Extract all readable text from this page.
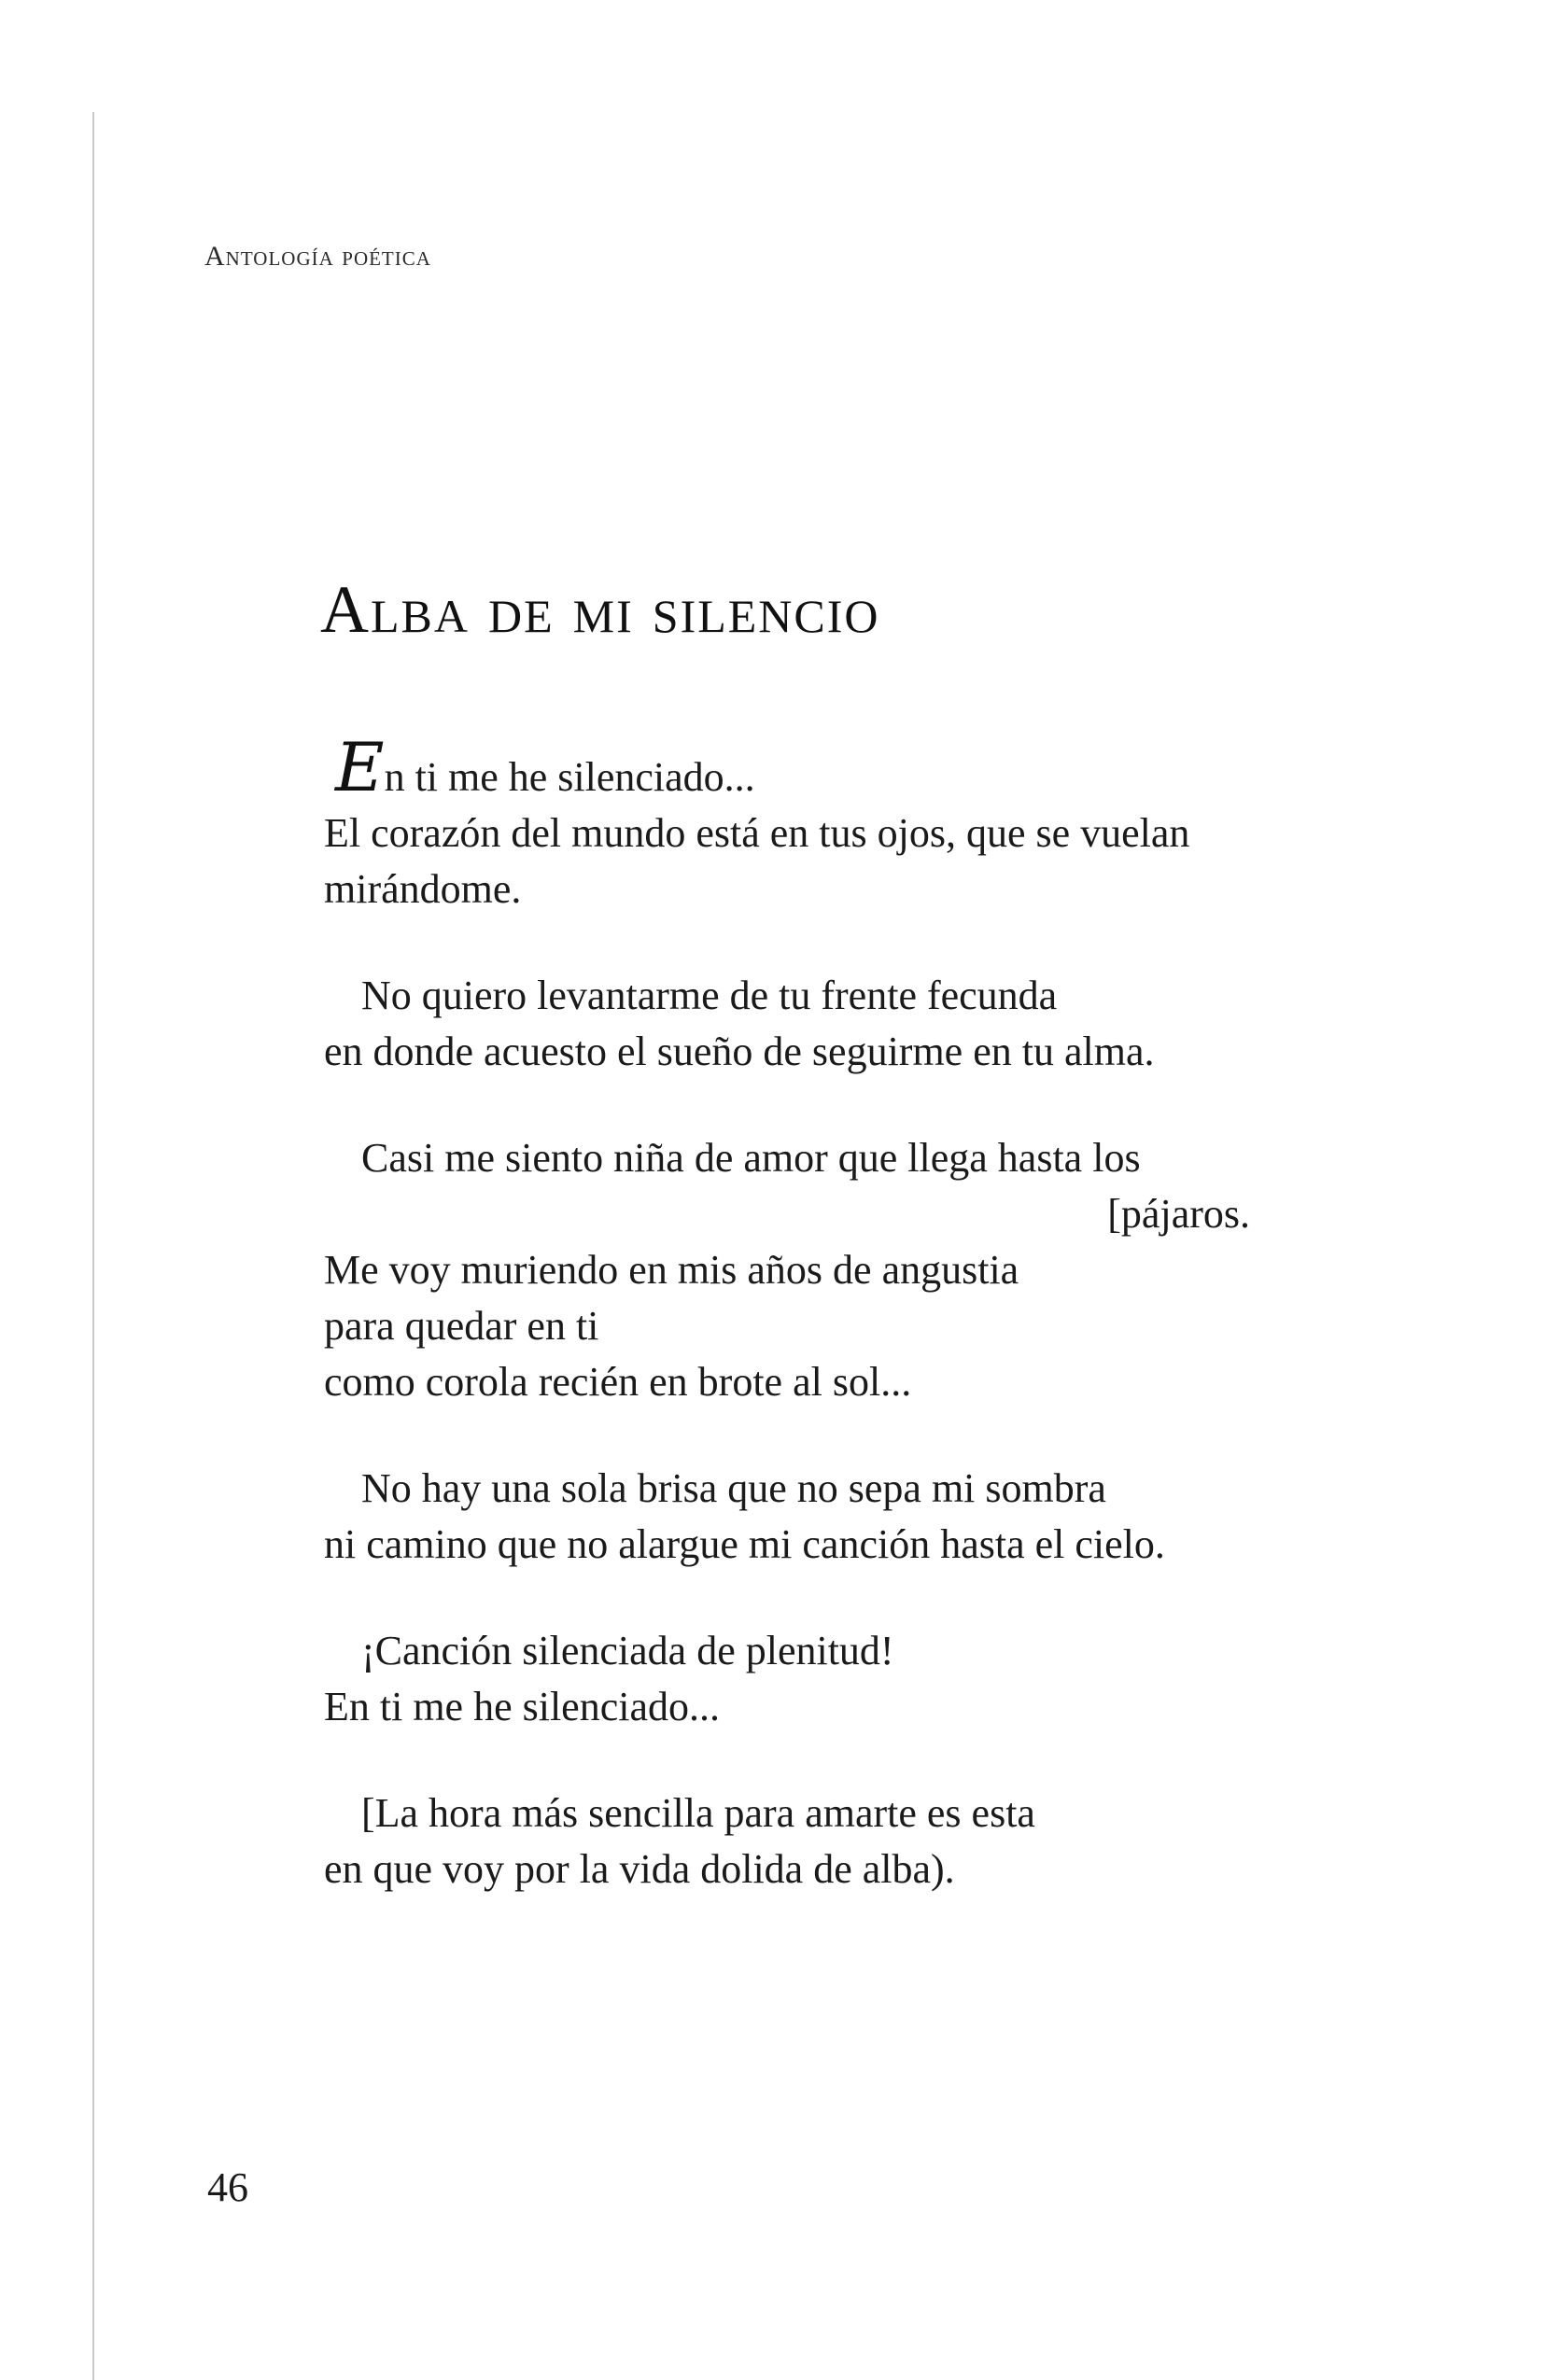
Antología poética
Alba de mi silencio
En ti me he silenciado...
El corazón del mundo está en tus ojos, que se vuelan
mirándome.
No quiero levantarme de tu frente fecunda
en donde acuesto el sueño de seguirme en tu alma.
Casi me siento niña de amor que llega hasta los
[pájaros.
Me voy muriendo en mis años de angustia
para quedar en ti
como corola recién en brote al sol...
No hay una sola brisa que no sepa mi sombra
ni camino que no alargue mi canción hasta el cielo.
¡Canción silenciada de plenitud!
En ti me he silenciado...
[La hora más sencilla para amarte es esta
en que voy por la vida dolida de alba).
46
